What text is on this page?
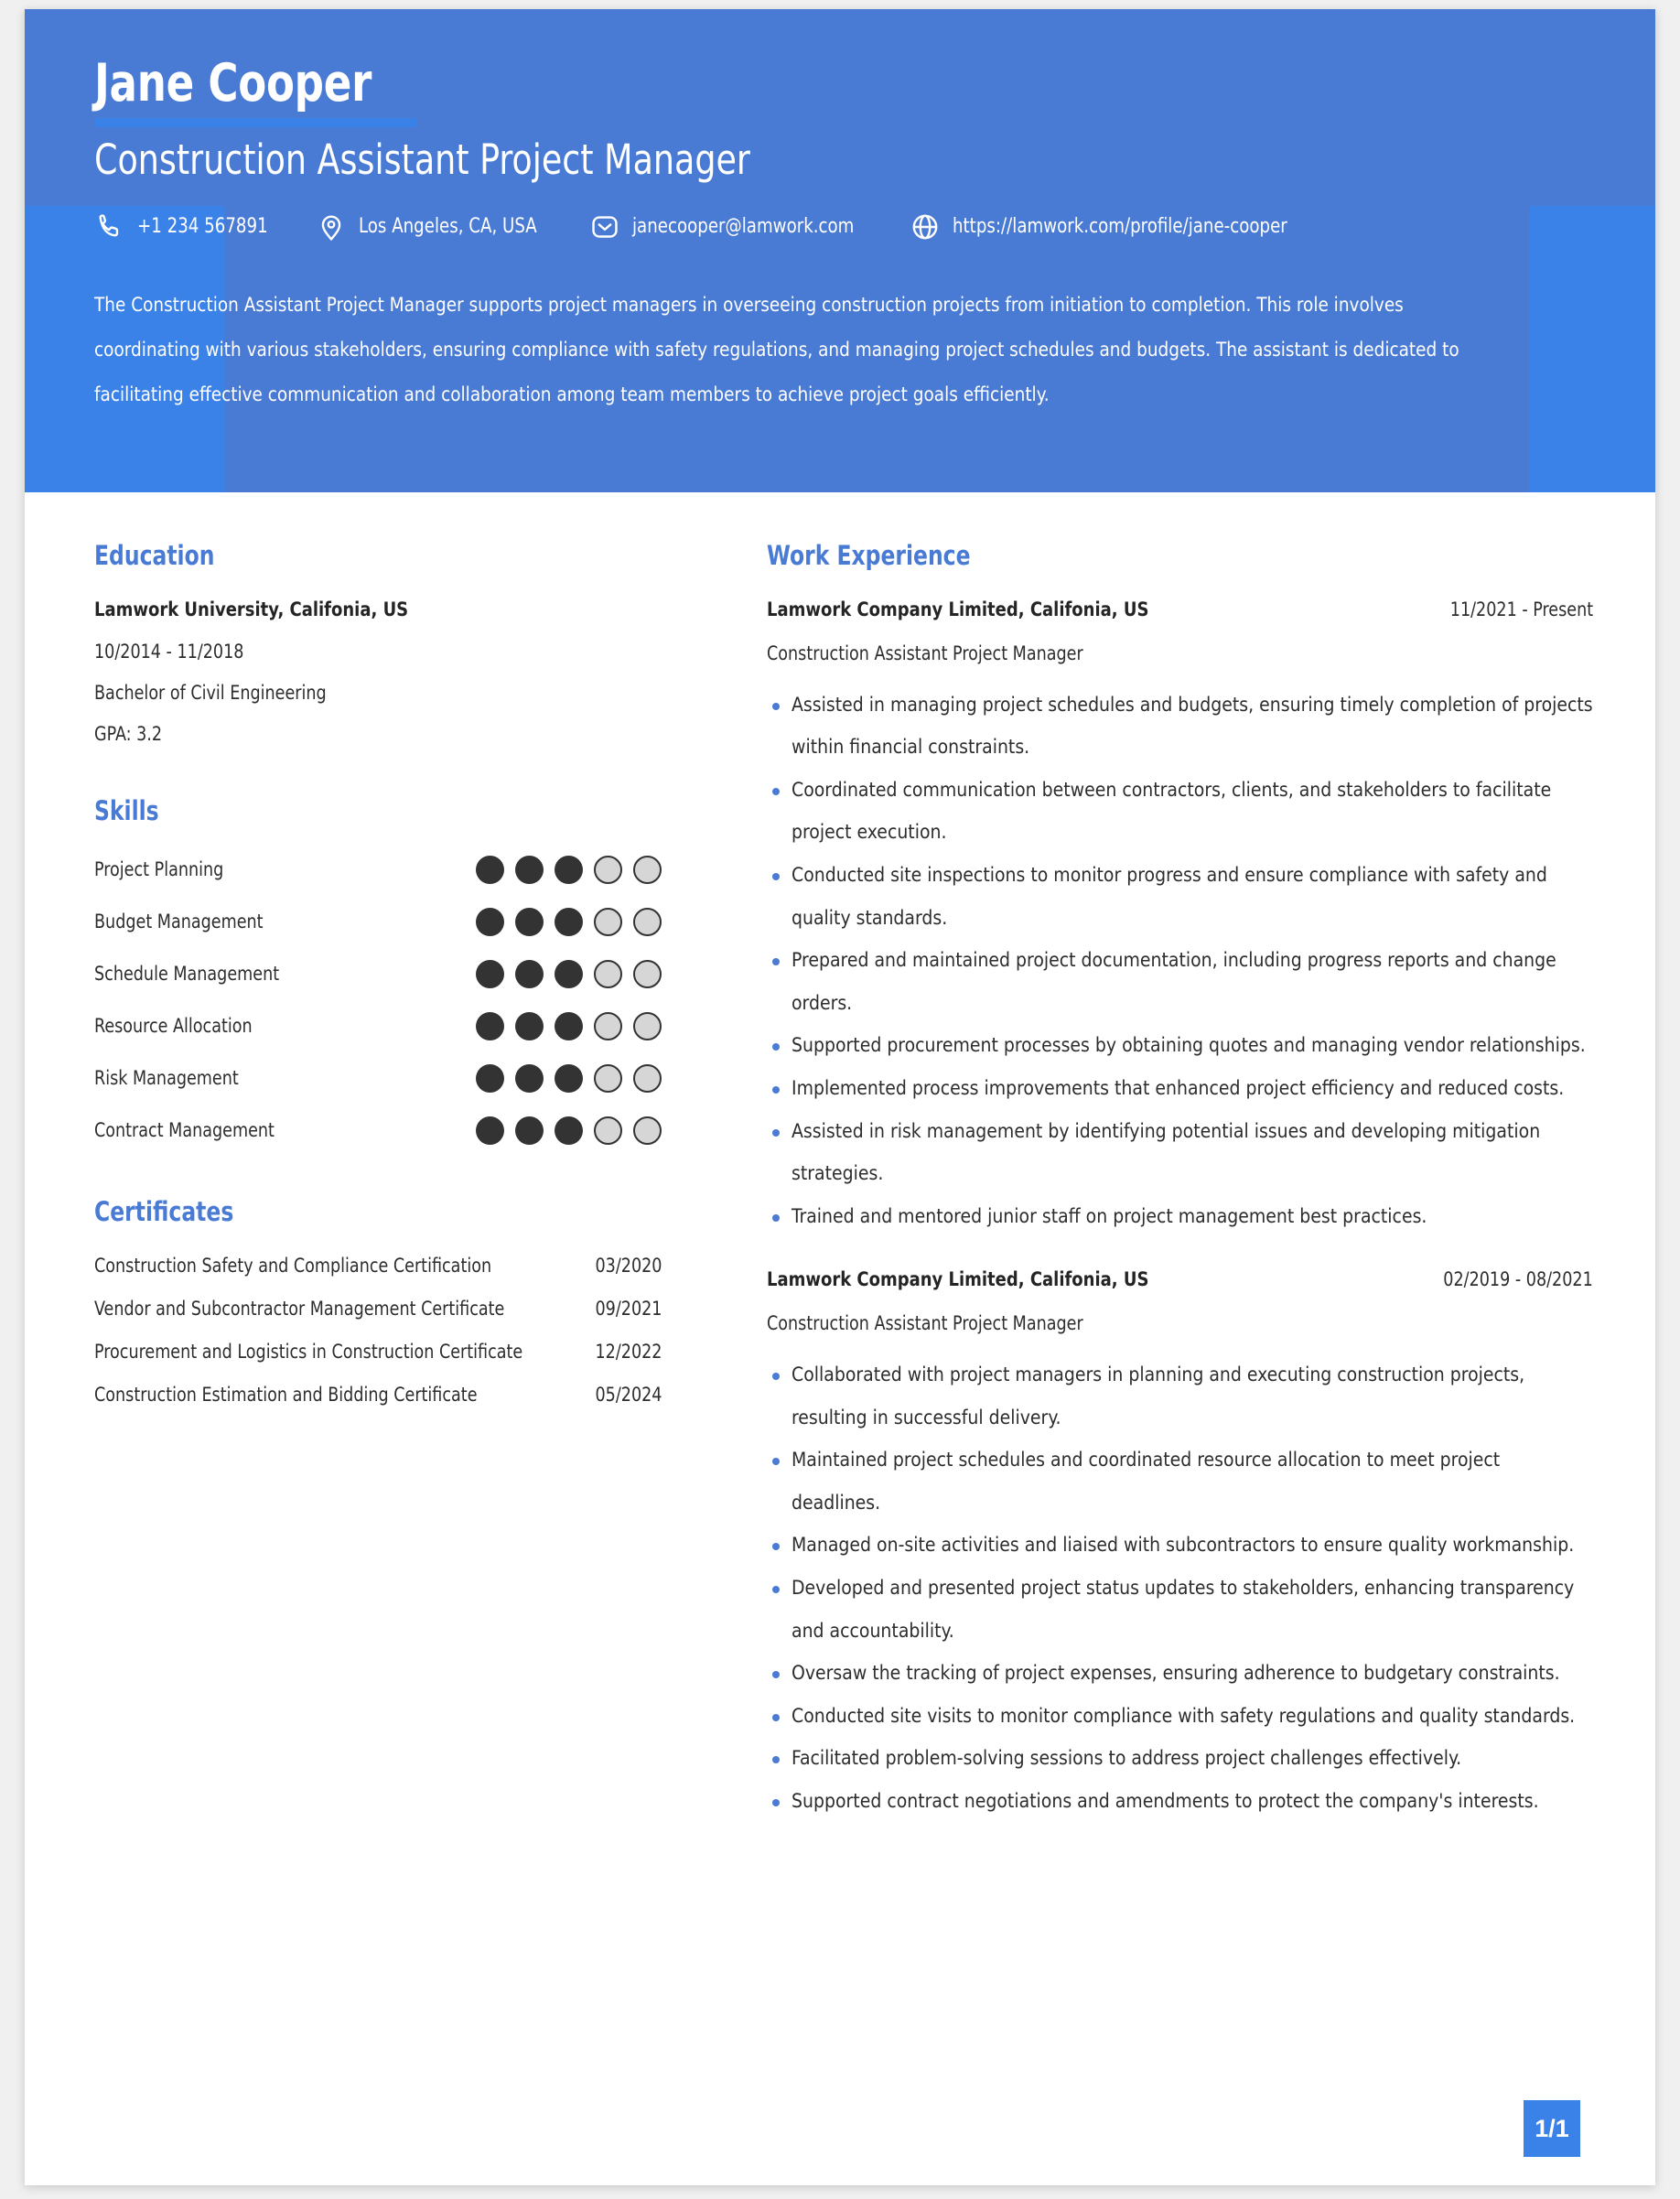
Jane Cooper
Construction Assistant Project Manager
+1 234 567891	Los Angeles, CA, USA	janecooper@lamwork.com	https://lamwork.com/profile/jane-cooper
The Construction Assistant Project Manager supports project managers in overseeing construction projects from initiation to completion. This role involves coordinating with various stakeholders, ensuring compliance with safety regulations, and managing project schedules and budgets. The assistant is dedicated to facilitating effective communication and collaboration among team members to achieve project goals efficiently.
Education
Lamwork University, Califonia, US
10/2014 - 11/2018
Bachelor of Civil Engineering
GPA: 3.2
Skills
Project Planning
Budget Management
Schedule Management
Resource Allocation
Risk Management
Contract Management
Certificates
Construction Safety and Compliance Certification	03/2020
Vendor and Subcontractor Management Certificate	09/2021
Procurement and Logistics in Construction Certificate	12/2022
Construction Estimation and Bidding Certificate	05/2024
Work Experience
Lamwork Company Limited, Califonia, US	11/2021 - Present
Construction Assistant Project Manager
Assisted in managing project schedules and budgets, ensuring timely completion of projects within financial constraints.
Coordinated communication between contractors, clients, and stakeholders to facilitate project execution.
Conducted site inspections to monitor progress and ensure compliance with safety and quality standards.
Prepared and maintained project documentation, including progress reports and change orders.
Supported procurement processes by obtaining quotes and managing vendor relationships.
Implemented process improvements that enhanced project efficiency and reduced costs.
Assisted in risk management by identifying potential issues and developing mitigation strategies.
Trained and mentored junior staff on project management best practices.
Lamwork Company Limited, Califonia, US	02/2019 - 08/2021
Construction Assistant Project Manager
Collaborated with project managers in planning and executing construction projects, resulting in successful delivery.
Maintained project schedules and coordinated resource allocation to meet project deadlines.
Managed on-site activities and liaised with subcontractors to ensure quality workmanship.
Developed and presented project status updates to stakeholders, enhancing transparency and accountability.
Oversaw the tracking of project expenses, ensuring adherence to budgetary constraints.
Conducted site visits to monitor compliance with safety regulations and quality standards.
Facilitated problem-solving sessions to address project challenges effectively.
Supported contract negotiations and amendments to protect the company's interests.
1/1
